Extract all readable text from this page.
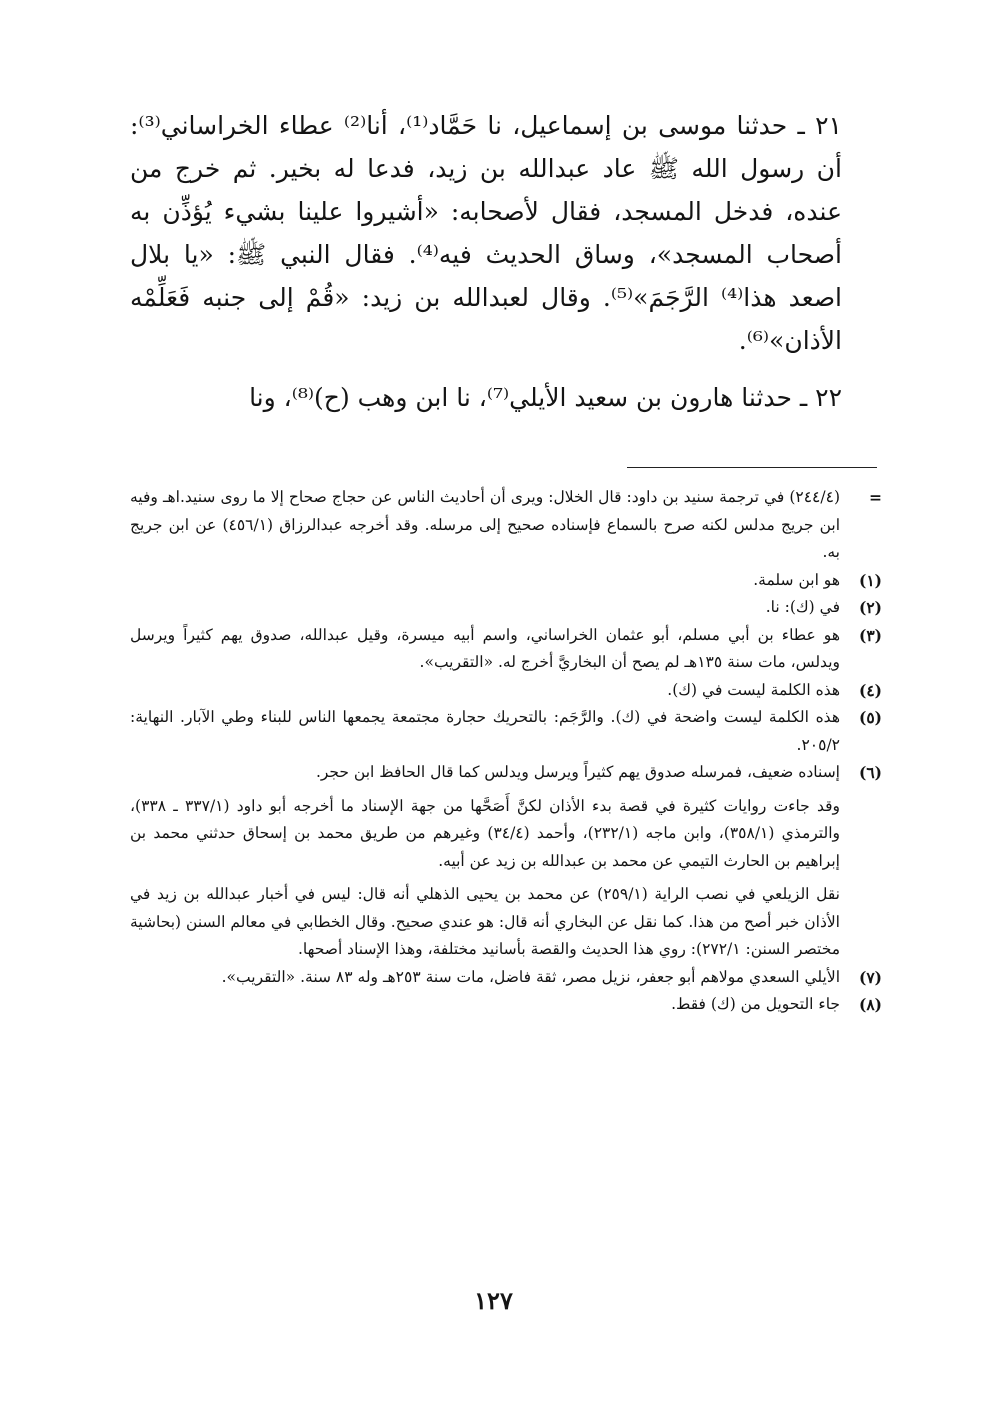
٢١ ـ حدثنا موسى بن إسماعيل، نا حَمَّاد⁽¹⁾، أنا⁽²⁾ عطاء الخراساني⁽³⁾: أن رسول الله ﷺ عاد عبدالله بن زيد، فدعا له بخير. ثم خرج من عنده، فدخل المسجد، فقال لأصحابه: «أشيروا علينا بشيء يُؤذِّن به أصحاب المسجد»، وساق الحديث فيه⁽⁴⁾. فقال النبي ﷺ: «يا بلال اصعد هذا⁽⁴⁾ الرَّجَمَ»⁽⁵⁾. وقال لعبدالله بن زيد: «قُمْ إلى جنبه فَعَلِّمْه الأذان»⁽⁶⁾.

٢٢ ـ حدثنا هارون بن سعيد الأيلي⁽⁷⁾، نا ابن وهب (ح)⁽⁸⁾، ونا

=

(٢٤٤/٤) في ترجمة سنيد بن داود: قال الخلال: ويرى أن أحاديث الناس عن حجاج صحاح إلا ما روى سنيد.اهـ وفيه ابن جريج مدلس لكنه صرح بالسماع فإسناده صحيح إلى مرسله. وقد أخرجه عبدالرزاق (٤٥٦/١) عن ابن جريج به.

(١)

هو ابن سلمة.

(٢)

في (ك): نا.

(٣)

هو عطاء بن أبي مسلم، أبو عثمان الخراساني، واسم أبيه ميسرة، وقيل عبدالله، صدوق يهم كثيراً ويرسل ويدلس، مات سنة ١٣٥هـ لم يصح أن البخاريَّ أخرج له. «التقريب».

(٤)

هذه الكلمة ليست في (ك).

(٥)

هذه الكلمة ليست واضحة في (ك). والرَّجَم: بالتحريك حجارة مجتمعة يجمعها الناس للبناء وطي الآبار. النهاية: ٢٠٥/٢.

(٦)

إسناده ضعيف، فمرسله صدوق يهم كثيراً ويرسل ويدلس كما قال الحافظ ابن حجر.

وقد جاءت روايات كثيرة في قصة بدء الأذان لكنَّ أَصَحَّها من جهة الإسناد ما أخرجه أبو داود (٣٣٧/١ ـ ٣٣٨)، والترمذي (٣٥٨/١)، وابن ماجه (٢٣٢/١)، وأحمد (٣٤/٤) وغيرهم من طريق محمد بن إسحاق حدثني محمد بن إبراهيم بن الحارث التيمي عن محمد بن عبدالله بن زيد عن أبيه.

نقل الزيلعي في نصب الراية (٢٥٩/١) عن محمد بن يحيى الذهلي أنه قال: ليس في أخبار عبدالله بن زيد في الأذان خبر أصح من هذا. كما نقل عن البخاري أنه قال: هو عندي صحيح. وقال الخطابي في معالم السنن (بحاشية مختصر السنن: ٢٧٢/١): روي هذا الحديث والقصة بأسانيد مختلفة، وهذا الإسناد أصحها.

(٧)

الأيلي السعدي مولاهم أبو جعفر، نزيل مصر، ثقة فاضل، مات سنة ٢٥٣هـ وله ٨٣ سنة. «التقريب».

(٨)

جاء التحويل من (ك) فقط.

١٢٧
